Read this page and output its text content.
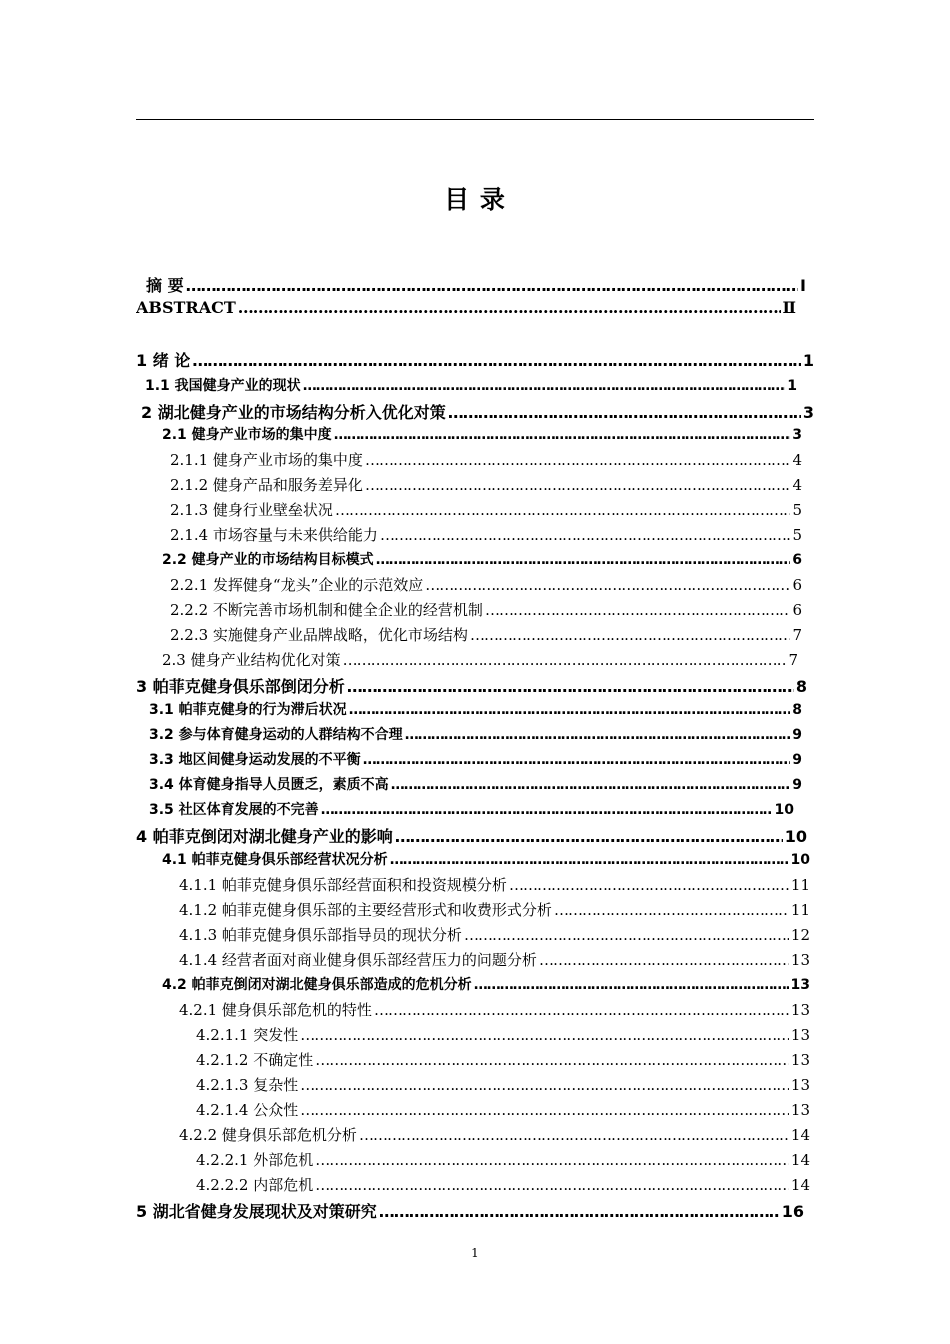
目 录
摘 要 ……………………………………………………………………………………………………………………………………………………………………………………………………………	Ⅰ
ABSTRACT ……………………………………………………………………………………………………………………………………………………………………………………………………………	Ⅱ
1 绪 论 ……………………………………………………………………………………………………………………………………………………………………………………………………………	1
1.1 我国健身产业的现状 ……………………………………………………………………………………………………………………………………………………………………………………………………………	1
2 湖北健身产业的市场结构分析入优化对策 ……………………………………………………………………………………………………………………………………………………………………………………………………………	3
2.1 健身产业市场的集中度 ……………………………………………………………………………………………………………………………………………………………………………………………………………	3
2.1.1 健身产业市场的集中度 ……………………………………………………………………………………………………………………………………………………………………………………………………………	4
2.1.2 健身产品和服务差异化 ……………………………………………………………………………………………………………………………………………………………………………………………………………	4
2.1.3 健身行业壁垒状况 ……………………………………………………………………………………………………………………………………………………………………………………………………………	5
2.1.4 市场容量与未来供给能力 ……………………………………………………………………………………………………………………………………………………………………………………………………………	5
2.2 健身产业的市场结构目标模式 ……………………………………………………………………………………………………………………………………………………………………………………………………………	6
2.2.1 发挥健身“龙头”企业的示范效应 ……………………………………………………………………………………………………………………………………………………………………………………………………………	6
2.2.2 不断完善市场机制和健全企业的经营机制 ……………………………………………………………………………………………………………………………………………………………………………………………………………	6
2.2.3 实施健身产业品牌战略，优化市场结构 ……………………………………………………………………………………………………………………………………………………………………………………………………………	7
2.3 健身产业结构优化对策 ……………………………………………………………………………………………………………………………………………………………………………………………………………	7
3 帕菲克健身俱乐部倒闭分析 ……………………………………………………………………………………………………………………………………………………………………………………………………………	8
3.1 帕菲克健身的行为滞后状况 ……………………………………………………………………………………………………………………………………………………………………………………………………………	8
3.2 参与体育健身运动的人群结构不合理 ……………………………………………………………………………………………………………………………………………………………………………………………………………	9
3.3 地区间健身运动发展的不平衡 ……………………………………………………………………………………………………………………………………………………………………………………………………………	9
3.4 体育健身指导人员匮乏，素质不高 ……………………………………………………………………………………………………………………………………………………………………………………………………………	9
3.5 社区体育发展的不完善 ……………………………………………………………………………………………………………………………………………………………………………………………………………	10
4 帕菲克倒闭对湖北健身产业的影响 ……………………………………………………………………………………………………………………………………………………………………………………………………………	10
4.1 帕菲克健身俱乐部经营状况分析 ……………………………………………………………………………………………………………………………………………………………………………………………………………	10
4.1.1 帕菲克健身俱乐部经营面积和投资规模分析 ……………………………………………………………………………………………………………………………………………………………………………………………………………	11
4.1.2 帕菲克健身俱乐部的主要经营形式和收费形式分析 ……………………………………………………………………………………………………………………………………………………………………………………………………………	11
4.1.3 帕菲克健身俱乐部指导员的现状分析 ……………………………………………………………………………………………………………………………………………………………………………………………………………	12
4.1.4 经营者面对商业健身俱乐部经营压力的问题分析 ……………………………………………………………………………………………………………………………………………………………………………………………………………	13
4.2 帕菲克倒闭对湖北健身俱乐部造成的危机分析 ……………………………………………………………………………………………………………………………………………………………………………………………………………	13
4.2.1 健身俱乐部危机的特性 ……………………………………………………………………………………………………………………………………………………………………………………………………………	13
4.2.1.1 突发性 ……………………………………………………………………………………………………………………………………………………………………………………………………………	13
4.2.1.2 不确定性 ……………………………………………………………………………………………………………………………………………………………………………………………………………	13
4.2.1.3 复杂性 ……………………………………………………………………………………………………………………………………………………………………………………………………………	13
4.2.1.4 公众性 ……………………………………………………………………………………………………………………………………………………………………………………………………………	13
4.2.2 健身俱乐部危机分析 ……………………………………………………………………………………………………………………………………………………………………………………………………………	14
4.2.2.1 外部危机 ……………………………………………………………………………………………………………………………………………………………………………………………………………	14
4.2.2.2 内部危机 ……………………………………………………………………………………………………………………………………………………………………………………………………………	14
5 湖北省健身发展现状及对策研究 ……………………………………………………………………………………………………………………………………………………………………………………………………………	16
1
